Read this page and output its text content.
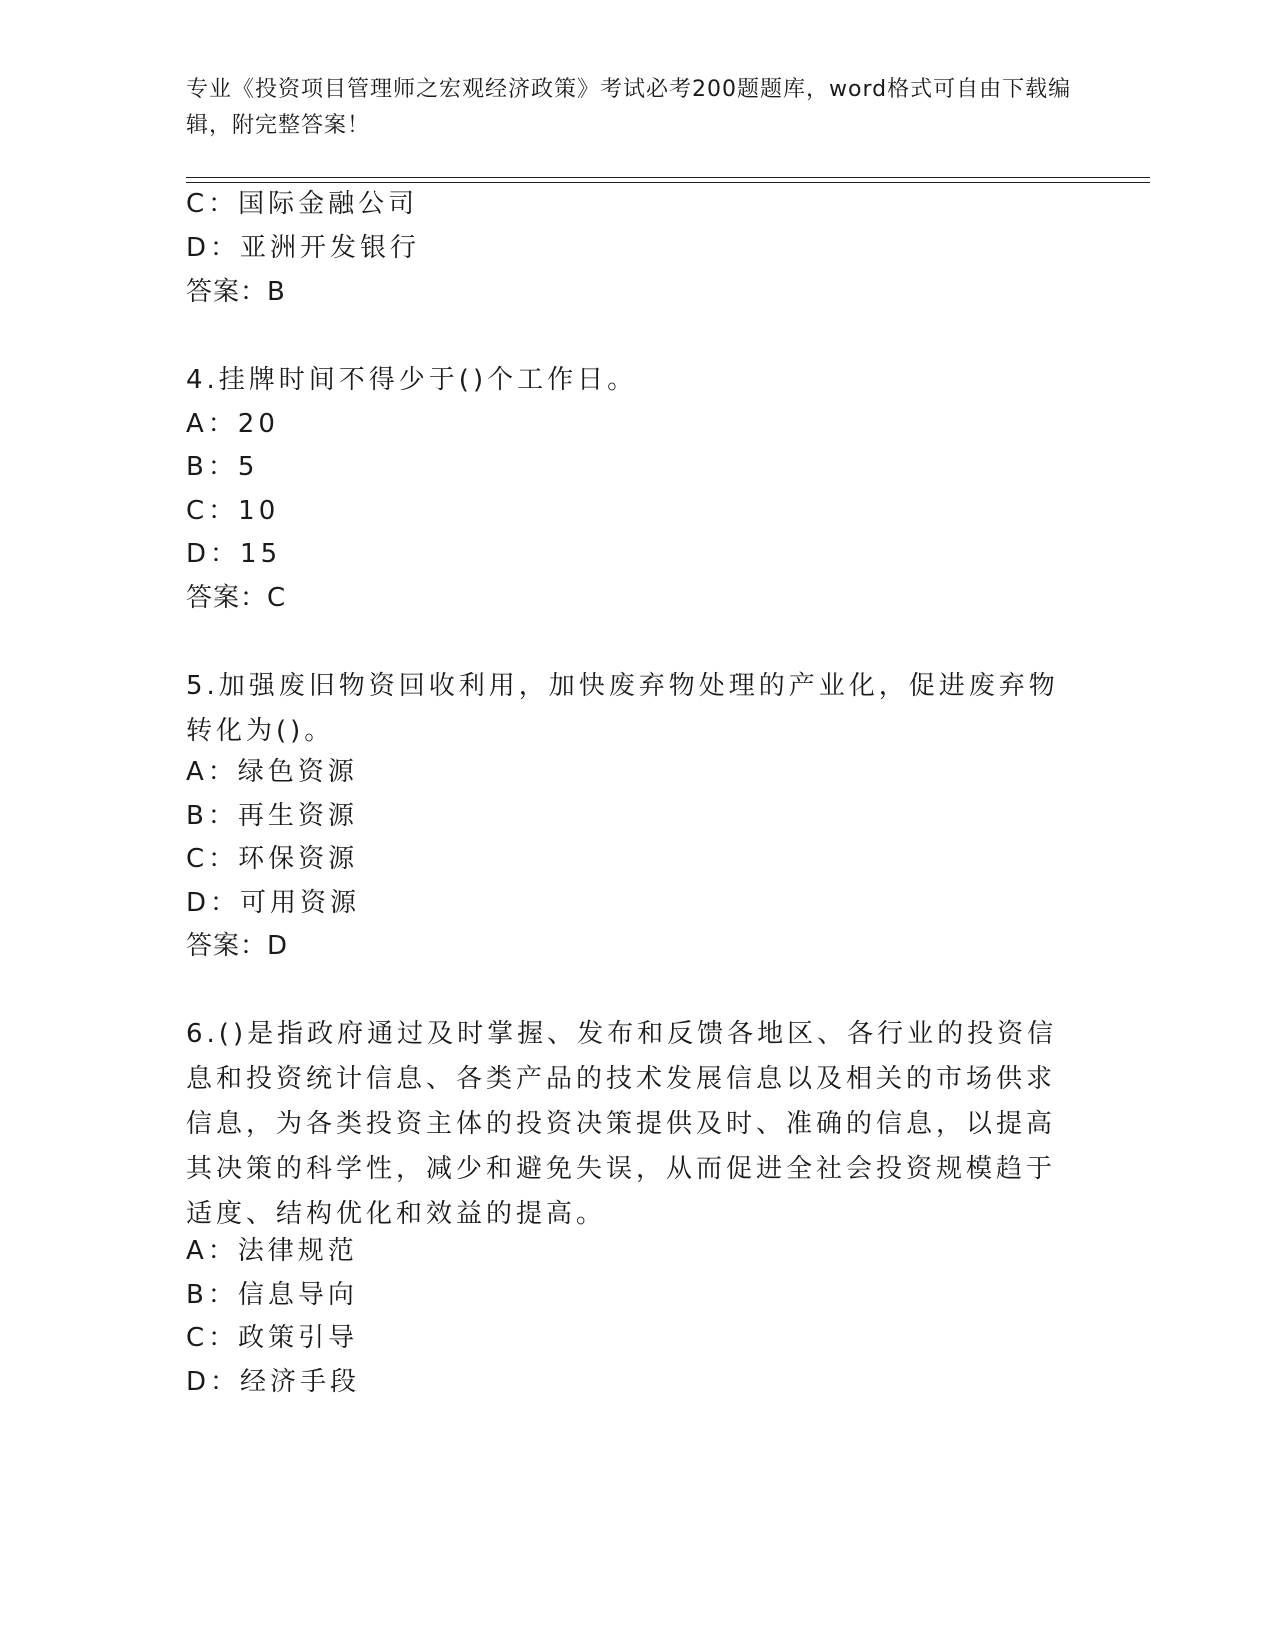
专业《投资项目管理师之宏观经济政策》考试必考200题题库，word格式可自由下载编辑，附完整答案！
C：国际金融公司
D：亚洲开发银行
答案：B
4.挂牌时间不得少于()个工作日。
A：20
B：5
C：10
D：15
答案：C
5.加强废旧物资回收利用，加快废弃物处理的产业化，促进废弃物转化为()。
A：绿色资源
B：再生资源
C：环保资源
D：可用资源
答案：D
6.()是指政府通过及时掌握、发布和反馈各地区、各行业的投资信息和投资统计信息、各类产品的技术发展信息以及相关的市场供求信息，为各类投资主体的投资决策提供及时、准确的信息，以提高其决策的科学性，减少和避免失误，从而促进全社会投资规模趋于适度、结构优化和效益的提高。
A：法律规范
B：信息导向
C：政策引导
D：经济手段
